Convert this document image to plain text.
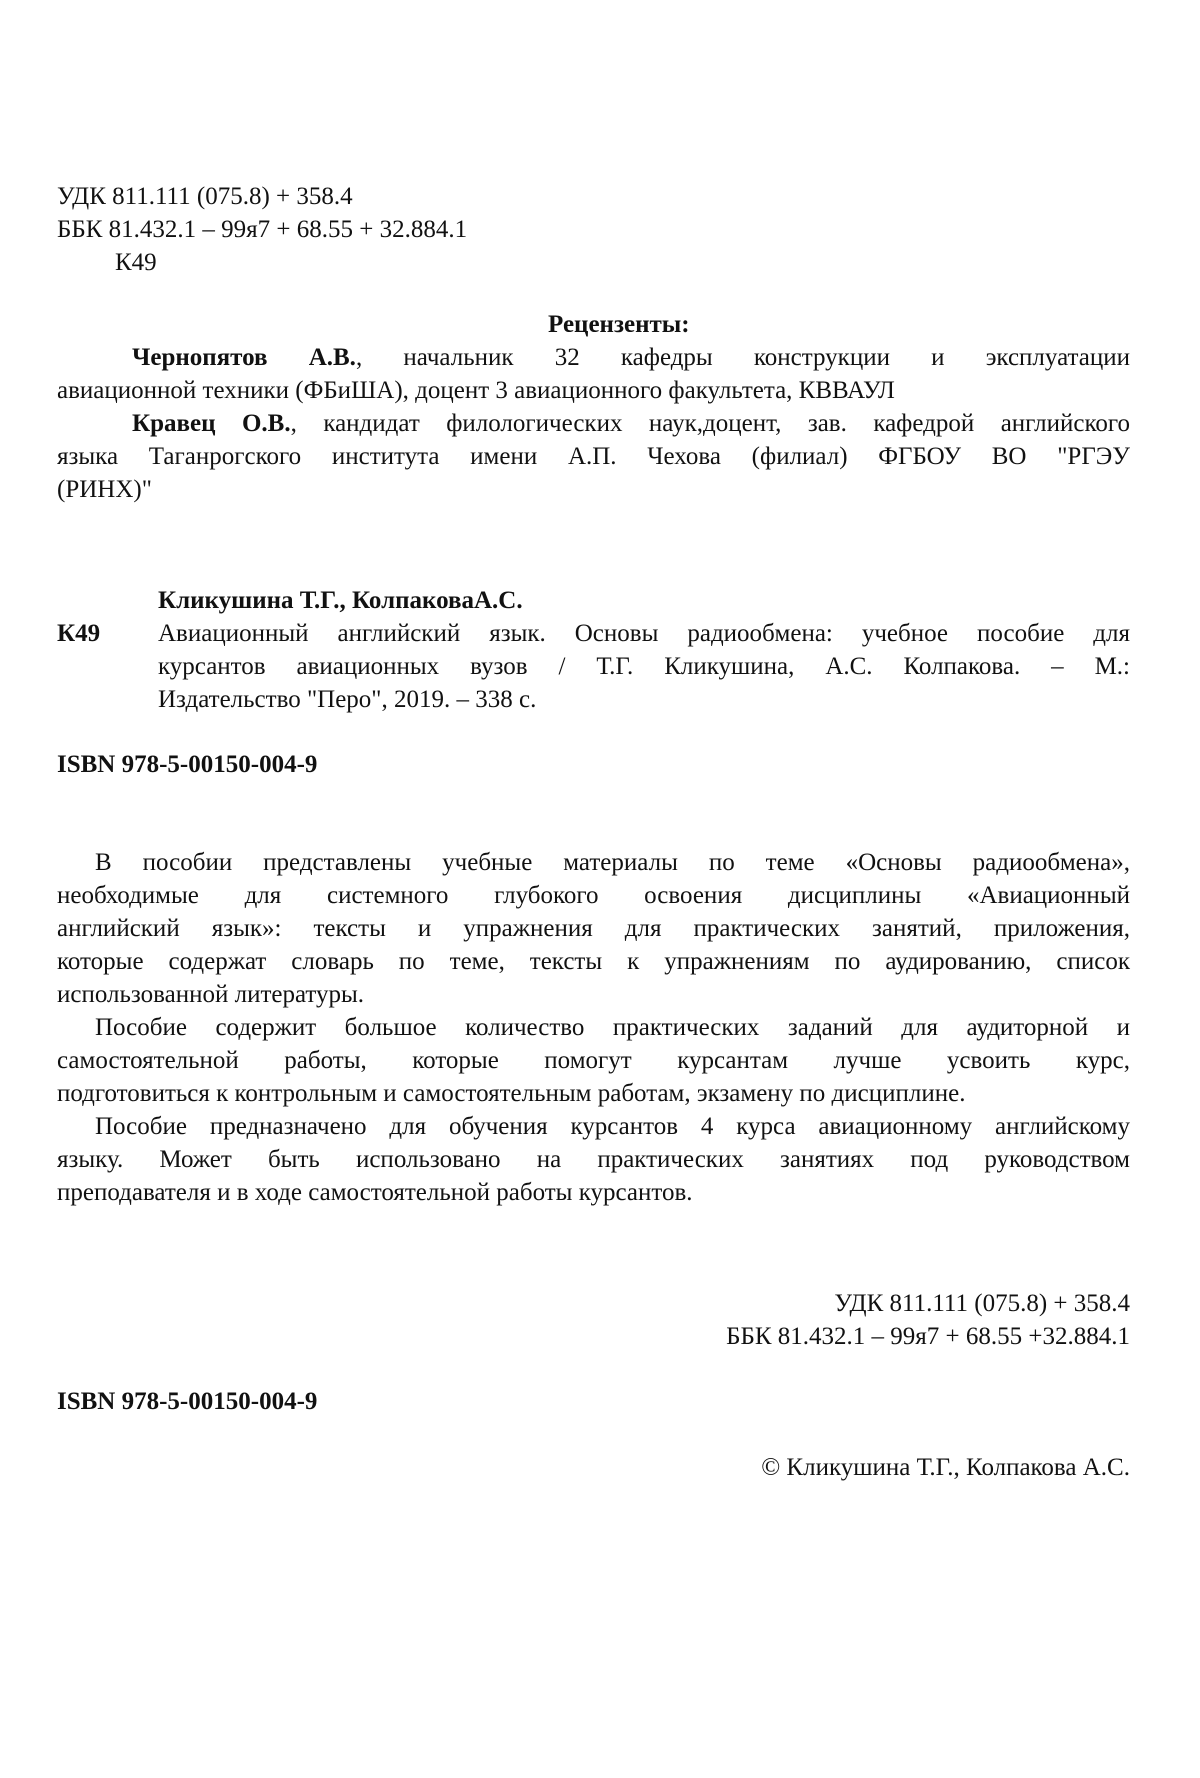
УДК 811.111 (075.8) + 358.4
ББК 81.432.1 – 99я7 + 68.55 + 32.884.1
К49
Рецензенты:
Чернопятов А.В., начальник 32 кафедры конструкции и эксплуатации
авиационной техники (ФБиША), доцент 3 авиационного факультета, КВВАУЛ
Кравец О.В., кандидат филологических наук,доцент, зав. кафедрой английского
языка Таганрогского института имени А.П. Чехова (филиал) ФГБОУ ВО "РГЭУ
(РИНХ)"
Кликушина Т.Г., КолпаковаА.С.
К49 Авиационный английский язык. Основы радиообмена: учебное пособие для
курсантов авиационных вузов / Т.Г. Кликушина, А.С. Колпакова. – М.:
Издательство "Перо", 2019. – 338 с.
ISBN 978-5-00150-004-9
В пособии представлены учебные материалы по теме «Основы радиообмена»,
необходимые для системного глубокого освоения дисциплины «Авиационный
английский язык»: тексты и упражнения для практических занятий, приложения,
которые содержат словарь по теме, тексты к упражнениям по аудированию, список
использованной литературы.
Пособие содержит большое количество практических заданий для аудиторной и
самостоятельной работы, которые помогут курсантам лучше усвоить курс,
подготовиться к контрольным и самостоятельным работам, экзамену по дисциплине.
Пособие предназначено для обучения курсантов 4 курса авиационному английскому
языку. Может быть использовано на практических занятиях под руководством
преподавателя и в ходе самостоятельной работы курсантов.
УДК 811.111 (075.8) + 358.4
ББК 81.432.1 – 99я7 + 68.55 +32.884.1
ISBN 978-5-00150-004-9
© Кликушина Т.Г., Колпакова А.С.
